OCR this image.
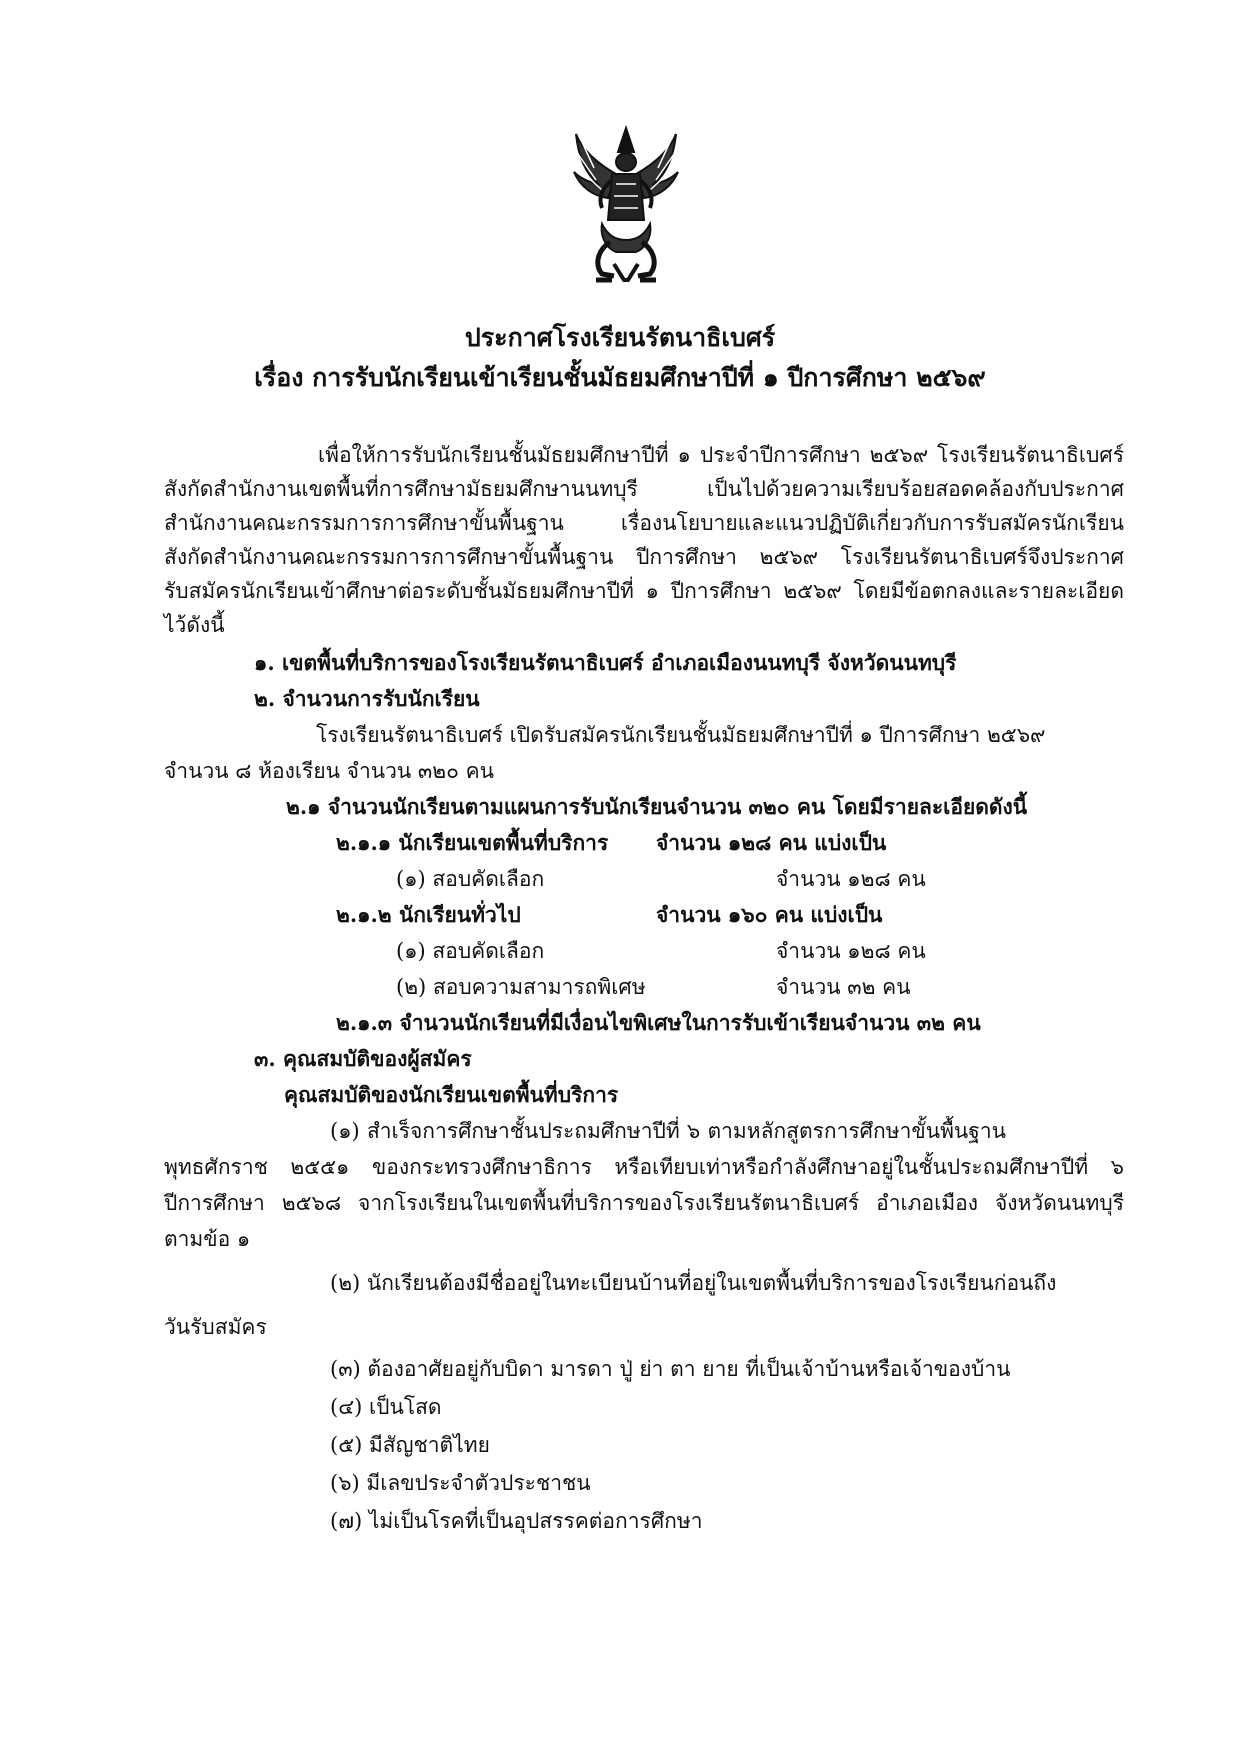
ประกาศโรงเรียนรัตนาธิเบศร์
เรื่อง การรับนักเรียนเข้าเรียนชั้นมัธยมศึกษาปีที่ ๑ ปีการศึกษา ๒๕๖๙
เพื่อให้การรับนักเรียนชั้นมัธยมศึกษาปีที่ ๑ ประจำปีการศึกษา ๒๕๖๙ โรงเรียนรัตนาธิเบศร์
สังกัดสำนักงานเขตพื้นที่การศึกษามัธยมศึกษานนทบุรี เป็นไปด้วยความเรียบร้อยสอดคล้องกับประกาศ
สำนักงานคณะกรรมการการศึกษาขั้นพื้นฐาน เรื่องนโยบายและแนวปฏิบัติเกี่ยวกับการรับสมัครนักเรียน
สังกัดสำนักงานคณะกรรมการการศึกษาขั้นพื้นฐาน ปีการศึกษา ๒๕๖๙ โรงเรียนรัตนาธิเบศร์จึงประกาศ
รับสมัครนักเรียนเข้าศึกษาต่อระดับชั้นมัธยมศึกษาปีที่ ๑ ปีการศึกษา ๒๕๖๙ โดยมีข้อตกลงและรายละเอียด
ไว้ดังนี้
๑. เขตพื้นที่บริการของโรงเรียนรัตนาธิเบศร์ อำเภอเมืองนนทบุรี จังหวัดนนทบุรี
๒. จำนวนการรับนักเรียน
โรงเรียนรัตนาธิเบศร์ เปิดรับสมัครนักเรียนชั้นมัธยมศึกษาปีที่ ๑ ปีการศึกษา ๒๕๖๙
จำนวน ๘ ห้องเรียน จำนวน ๓๒๐ คน
๒.๑ จำนวนนักเรียนตามแผนการรับนักเรียนจำนวน ๓๒๐ คน โดยมีรายละเอียดดังนี้
๒.๑.๑ นักเรียนเขตพื้นที่บริการ จำนวน ๑๒๘ คน แบ่งเป็น
(๑) สอบคัดเลือก	จำนวน ๑๒๘ คน
๒.๑.๒ นักเรียนทั่วไป	จำนวน ๑๖๐ คน แบ่งเป็น
(๑) สอบคัดเลือก	จำนวน ๑๒๘ คน
(๒) สอบความสามารถพิเศษ	จำนวน ๓๒ คน
๒.๑.๓ จำนวนนักเรียนที่มีเงื่อนไขพิเศษในการรับเข้าเรียนจำนวน ๓๒ คน
๓. คุณสมบัติของผู้สมัคร
คุณสมบัติของนักเรียนเขตพื้นที่บริการ
(๑) สำเร็จการศึกษาชั้นประถมศึกษาปีที่ ๖ ตามหลักสูตรการศึกษาขั้นพื้นฐาน
พุทธศักราช ๒๕๕๑ ของกระทรวงศึกษาธิการ หรือเทียบเท่าหรือกำลังศึกษาอยู่ในชั้นประถมศึกษาปีที่ ๖
ปีการศึกษา ๒๕๖๘ จากโรงเรียนในเขตพื้นที่บริการของโรงเรียนรัตนาธิเบศร์ อำเภอเมือง จังหวัดนนทบุรี
ตามข้อ ๑
(๒) นักเรียนต้องมีชื่ออยู่ในทะเบียนบ้านที่อยู่ในเขตพื้นที่บริการของโรงเรียนก่อนถึง
วันรับสมัคร
(๓) ต้องอาศัยอยู่กับบิดา มารดา ปู่ ย่า ตา ยาย ที่เป็นเจ้าบ้านหรือเจ้าของบ้าน
(๔) เป็นโสด
(๕) มีสัญชาติไทย
(๖) มีเลขประจำตัวประชาชน
(๗) ไม่เป็นโรคที่เป็นอุปสรรคต่อการศึกษา
